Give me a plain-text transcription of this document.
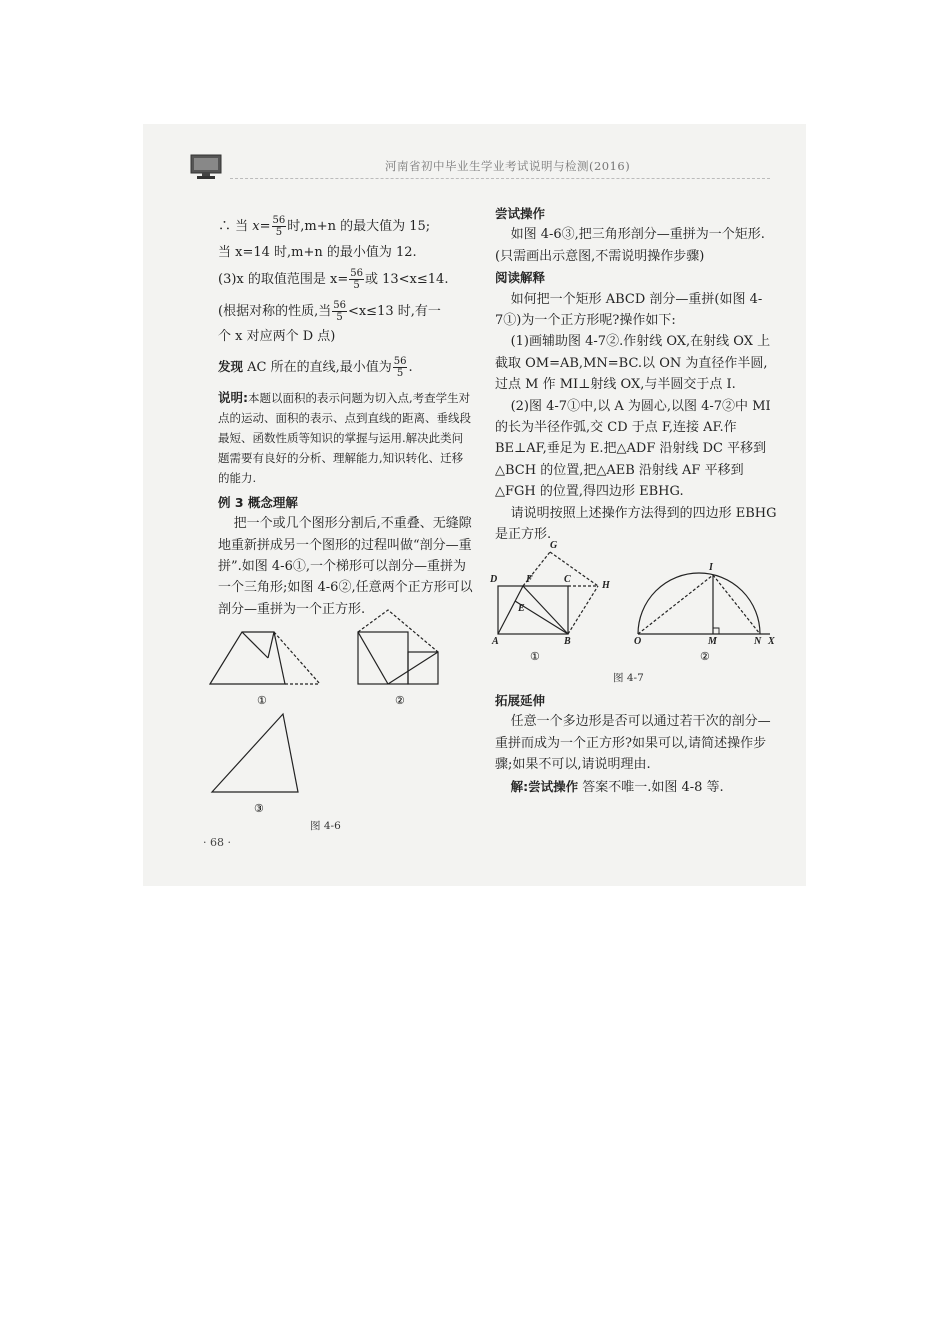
河南省初中毕业生学业考试说明与检测(2016)

∴ 当 $x= \frac{56}{5}$ 时,m+n 的最大值为 15;

当 x=14 时,m+n 的最小值为 12.

(3)x 的取值范围是 $x= \frac{56}{5}$ 或 13<x≤14.

(根据对称的性质,当 $\frac{56}{5} <x\le 13$ 时,有一

个 x 对应两个 D 点)

发现 AC 所在的直线,最小值为 $\frac{56}{5}$ .

说明:本题以面积的表示问题为切入点,考查学生对点的运动、面积的表示、点到直线的距离、垂线段最短、函数性质等知识的掌握与运用.解决此类问题需要有良好的分析、理解能力,知识转化、迁移的能力.

例 3 概念理解

把一个或几个图形分割后,不重叠、无缝隙地重新拼成另一个图形的过程叫做“剖分—重拼”.如图 4-6①,一个梯形可以剖分—重拼为一个三角形;如图 4-6②,任意两个正方形可以剖分—重拼为一个正方形.

①	②
③
图 4-6

尝试操作

如图 4-6③,把三角形剖分—重拼为一个矩形.(只需画出示意图,不需说明操作步骤)

阅读解释

如何把一个矩形 ABCD 剖分—重拼(如图 4-7①)为一个正方形呢?操作如下:

(1)画辅助图 4-7②.作射线 OX,在射线 OX 上截取 OM=AB,MN=BC.以 ON 为直径作半圆,过点 M 作 MI⊥射线 OX,与半圆交于点 I.

(2)图 4-7①中,以 A 为圆心,以图 4-7②中 MI 的长为半径作弧,交 CD 于点 F,连接 AF.作 BE⊥AF,垂足为 E.把△ADF 沿射线 DC 平移到△BCH 的位置,把△AEB 沿射线 AF 平移到△FGH 的位置,得四边形 EBHG.

请说明按照上述操作方法得到的四边形 EBHG 是正方形.

G
D	F	C
H
E
A	B
I
O	M	N X
①	②
图 4-7

拓展延伸

任意一个多边形是否可以通过若干次的剖分—重拼而成为一个正方形?如果可以,请简述操作步骤;如果不可以,请说明理由.

解:尝试操作 答案不唯一.如图 4-8 等.

· 68 ·
